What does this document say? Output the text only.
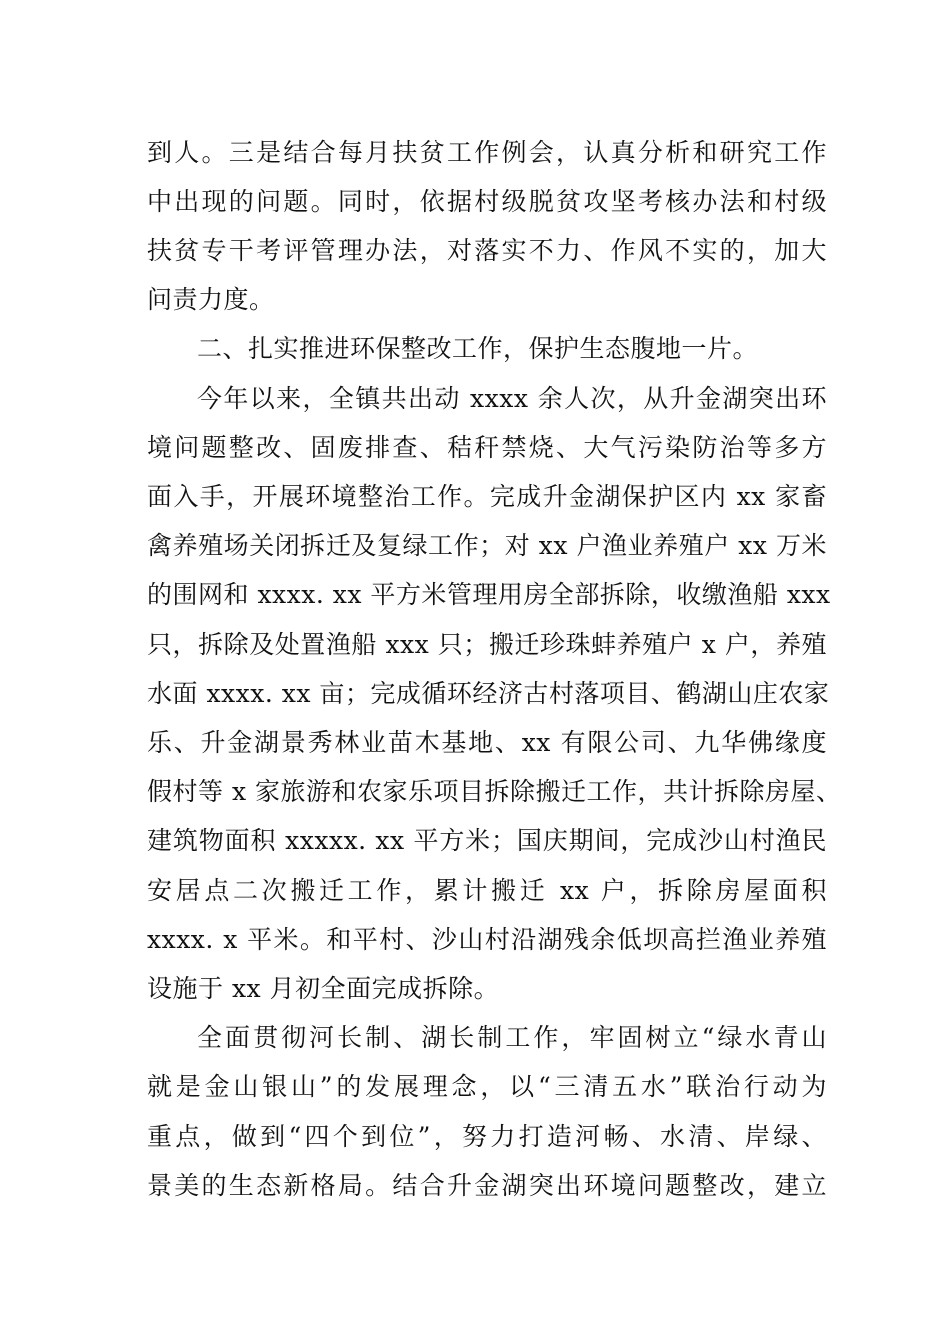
到人。三是结合每月扶贫工作例会，认真分析和研究工作
中出现的问题。同时，依据村级脱贫攻坚考核办法和村级
扶贫专干考评管理办法，对落实不力、作风不实的，加大
问责力度。
二、扎实推进环保整改工作，保护生态腹地一片。
今年以来，全镇共出动 xxxx 余人次，从升金湖突出环
境问题整改、固废排查、秸秆禁烧、大气污染防治等多方
面入手，开展环境整治工作。完成升金湖保护区内 xx 家畜
禽养殖场关闭拆迁及复绿工作；对 xx 户渔业养殖户 xx 万米
的围网和 xxxx. xx 平方米管理用房全部拆除，收缴渔船 xxx
只，拆除及处置渔船 xxx 只；搬迁珍珠蚌养殖户 x 户，养殖
水面 xxxx. xx 亩；完成循环经济古村落项目、鹤湖山庄农家
乐、升金湖景秀林业苗木基地、xx 有限公司、九华佛缘度
假村等 x 家旅游和农家乐项目拆除搬迁工作，共计拆除房屋、
建筑物面积 xxxxx. xx 平方米；国庆期间，完成沙山村渔民
安居点二次搬迁工作，累计搬迁 xx 户，拆除房屋面积
xxxx. x 平米。和平村、沙山村沿湖残余低坝高拦渔业养殖
设施于 xx 月初全面完成拆除。
全面贯彻河长制、湖长制工作，牢固树立“绿水青山
就是金山银山”的发展理念，以“三清五水”联治行动为
重点，做到“四个到位”，努力打造河畅、水清、岸绿、
景美的生态新格局。结合升金湖突出环境问题整改，建立
